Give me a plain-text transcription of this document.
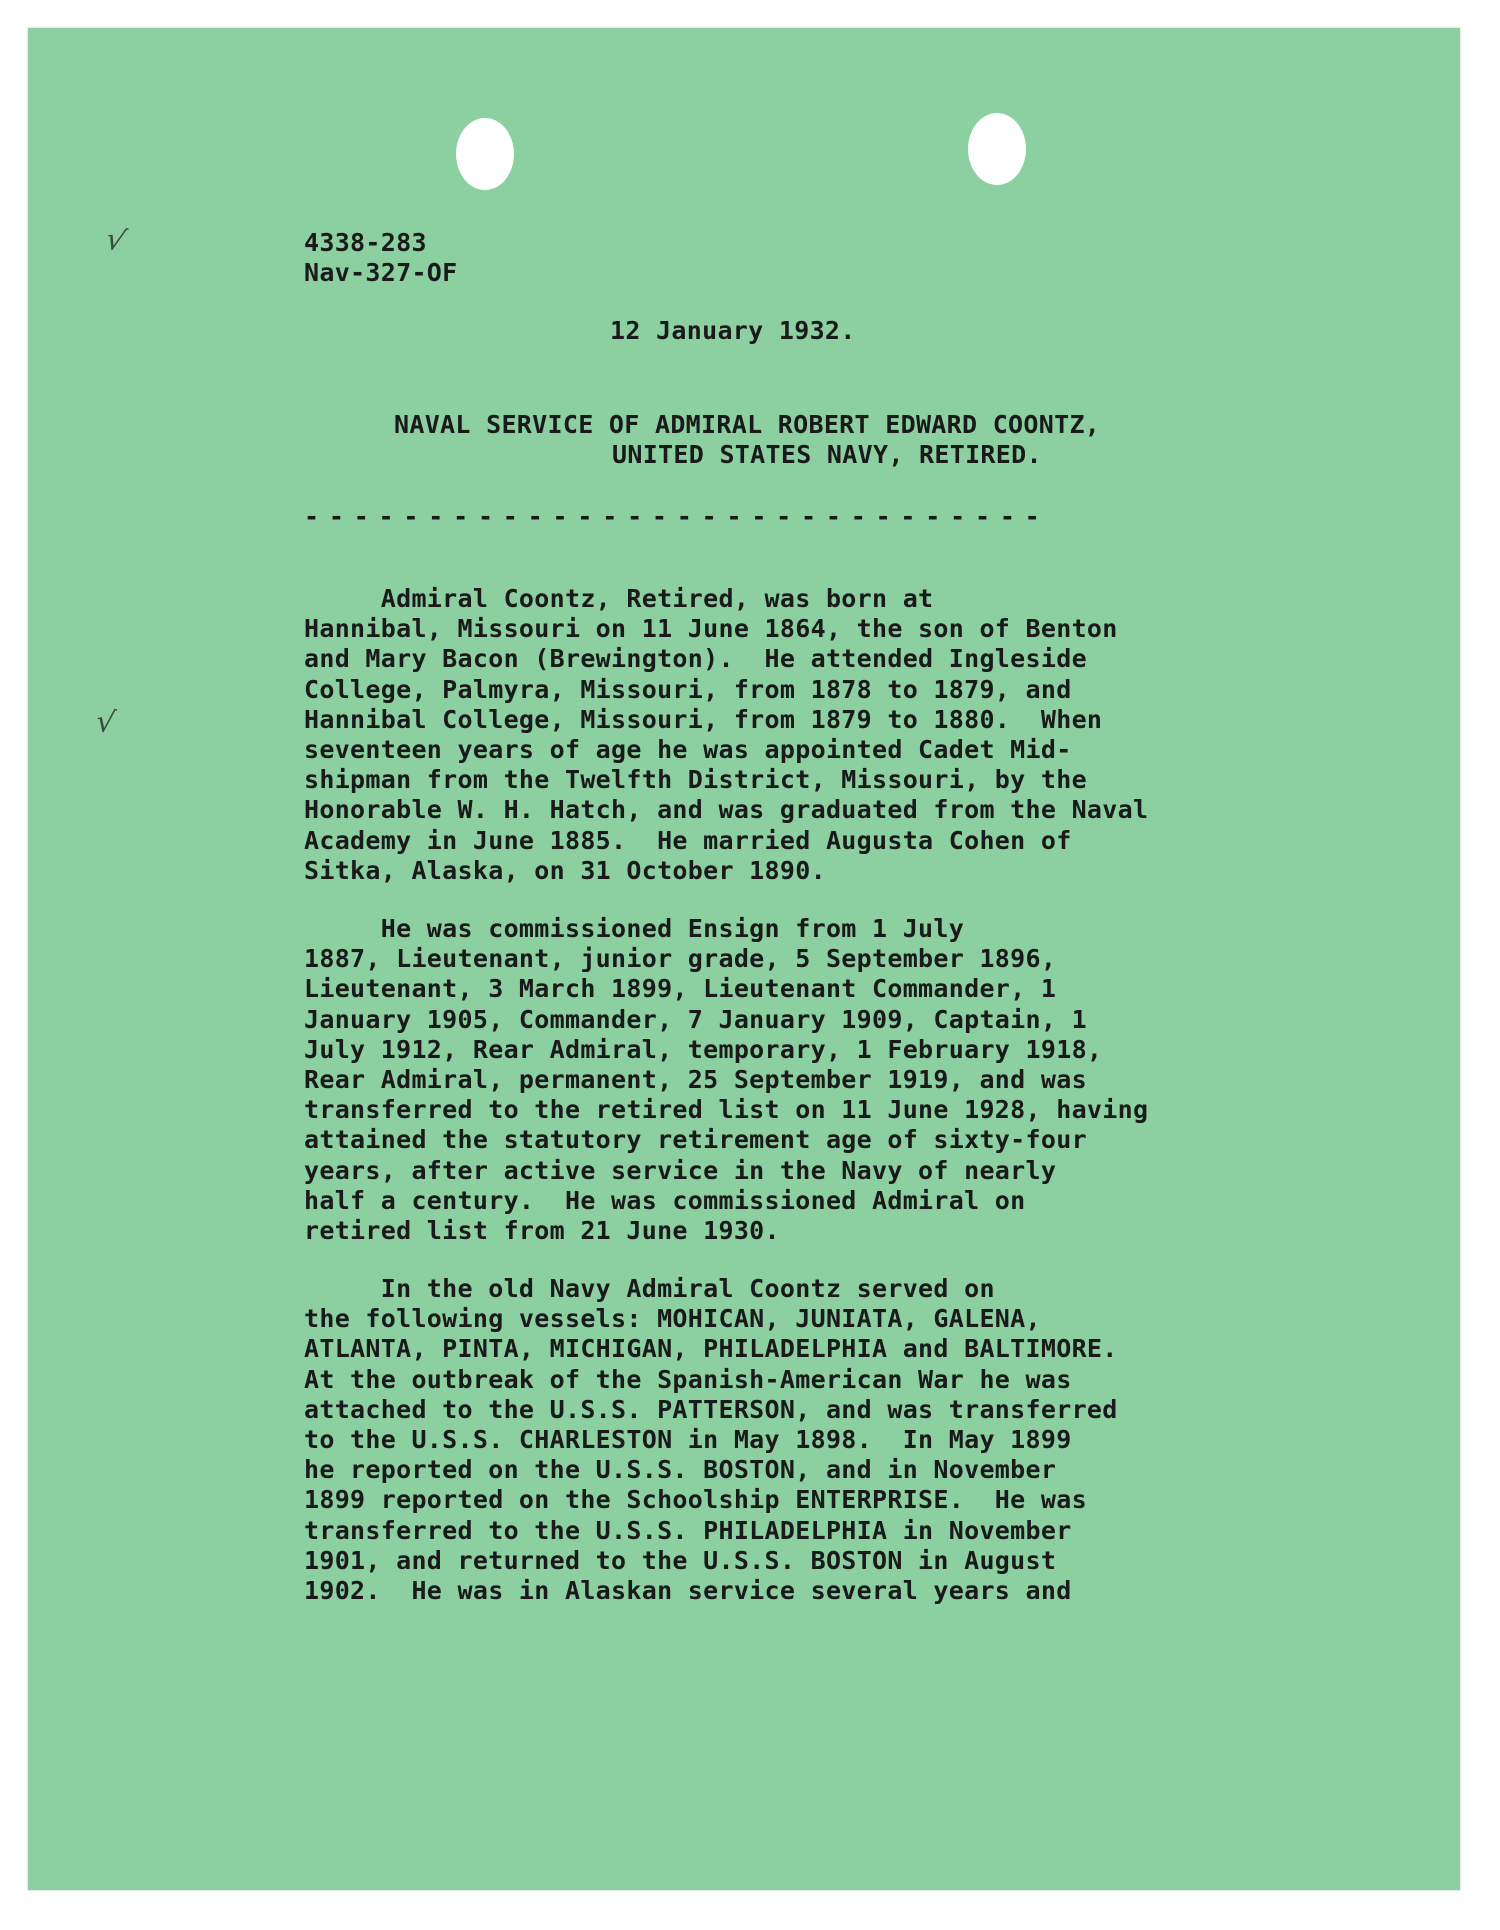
√
√
4338-283
Nav-327-OF
12 January 1932.
NAVAL SERVICE OF ADMIRAL ROBERT EDWARD COONTZ,

UNITED STATES NAVY, RETIRED.
------------------------------
Admiral Coontz, Retired, was born at
Hannibal, Missouri on 11 June 1864, the son of Benton
and Mary Bacon (Brewington).  He attended Ingleside
College, Palmyra, Missouri, from 1878 to 1879, and
Hannibal College, Missouri, from 1879 to 1880.  When
seventeen years of age he was appointed Cadet Mid-
shipman from the Twelfth District, Missouri, by the
Honorable W. H. Hatch, and was graduated from the Naval
Academy in June 1885.  He married Augusta Cohen of
Sitka, Alaska, on 31 October 1890.
He was commissioned Ensign from 1 July
1887, Lieutenant, junior grade, 5 September 1896,
Lieutenant, 3 March 1899, Lieutenant Commander, 1
January 1905, Commander, 7 January 1909, Captain, 1
July 1912, Rear Admiral, temporary, 1 February 1918,
Rear Admiral, permanent, 25 September 1919, and was
transferred to the retired list on 11 June 1928, having
attained the statutory retirement age of sixty-four
years, after active service in the Navy of nearly
half a century.  He was commissioned Admiral on
retired list from 21 June 1930.
In the old Navy Admiral Coontz served on
the following vessels: MOHICAN, JUNIATA, GALENA,
ATLANTA, PINTA, MICHIGAN, PHILADELPHIA and BALTIMORE.
At the outbreak of the Spanish-American War he was
attached to the U.S.S. PATTERSON, and was transferred
to the U.S.S. CHARLESTON in May 1898.  In May 1899
he reported on the U.S.S. BOSTON, and in November
1899 reported on the Schoolship ENTERPRISE.  He was
transferred to the U.S.S. PHILADELPHIA in November
1901, and returned to the U.S.S. BOSTON in August
1902.  He was in Alaskan service several years and
